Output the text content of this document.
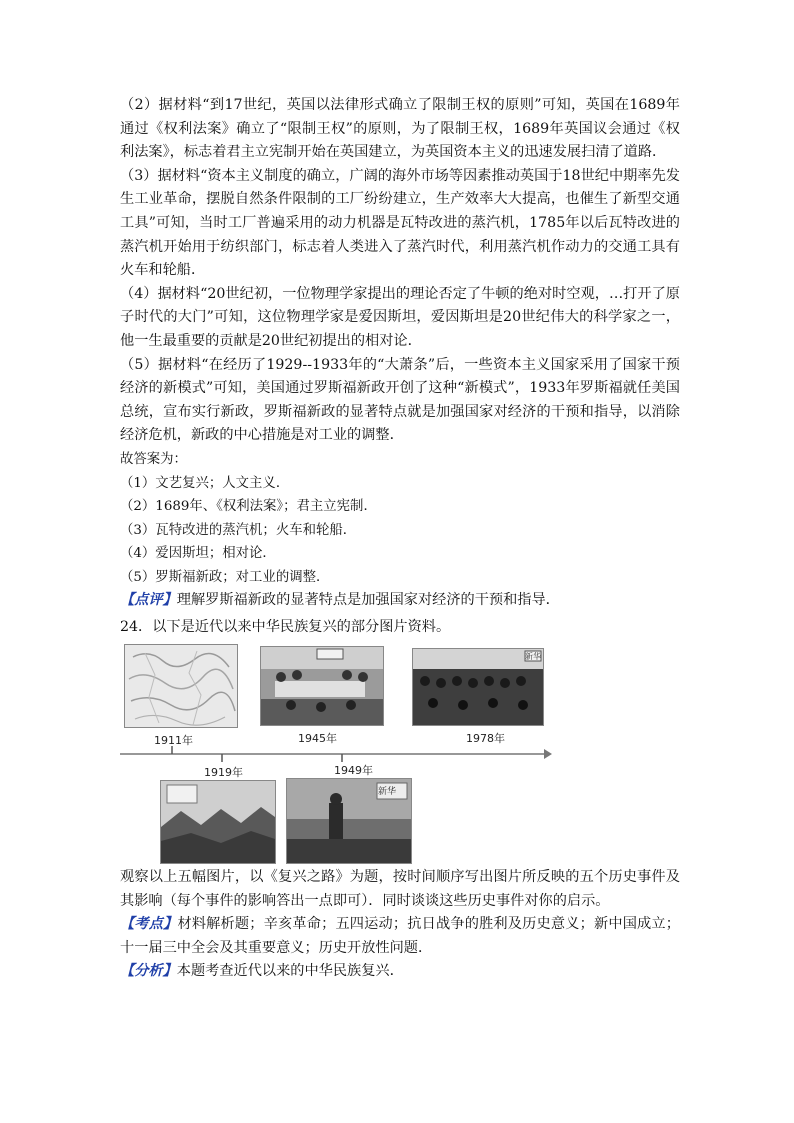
（2）据材料“到17世纪，英国以法律形式确立了限制王权的原则”可知，英国在1689年通过《权利法案》确立了“限制王权”的原则，为了限制王权，1689年英国议会通过《权利法案》，标志着君主立宪制开始在英国建立，为英国资本主义的迅速发展扫清了道路．

（3）据材料“资本主义制度的确立，广阔的海外市场等因素推动英国于18世纪中期率先发生工业革命，摆脱自然条件限制的工厂纷纷建立，生产效率大大提高，也催生了新型交通工具”可知，当时工厂普遍采用的动力机器是瓦特改进的蒸汽机，1785年以后瓦特改进的蒸汽机开始用于纺织部门，标志着人类进入了蒸汽时代，利用蒸汽机作动力的交通工具有火车和轮船．

（4）据材料“20世纪初，一位物理学家提出的理论否定了牛顿的绝对时空观，…打开了原子时代的大门”可知，这位物理学家是爱因斯坦，爱因斯坦是20世纪伟大的科学家之一，他一生最重要的贡献是20世纪初提出的相对论．

（5）据材料“在经历了1929--1933年的“大萧条”后，一些资本主义国家采用了国家干预经济的新模式”可知，美国通过罗斯福新政开创了这种“新模式”，1933年罗斯福就任美国总统，宣布实行新政，罗斯福新政的显著特点就是加强国家对经济的干预和指导，以消除经济危机，新政的中心措施是对工业的调整．

故答案为：

（1）文艺复兴；人文主义．

（2）1689年、《权利法案》；君主立宪制．

（3）瓦特改进的蒸汽机；火车和轮船．

（4）爱因斯坦；相对论．

（5）罗斯福新政；对工业的调整．

【点评】理解罗斯福新政的显著特点是加强国家对经济的干预和指导．

24．以下是近代以来中华民族复兴的部分图片资料。

1911年	1945年	1978年
1919年	1949年
新华
新华

观察以上五幅图片，以《复兴之路》为题，按时间顺序写出图片所反映的五个历史事件及其影响（每个事件的影响答出一点即可）．同时谈谈这些历史事件对你的启示。

【考点】材料解析题；辛亥革命；五四运动；抗日战争的胜利及历史意义；新中国成立；十一届三中全会及其重要意义；历史开放性问题．

【分析】本题考查近代以来的中华民族复兴．
